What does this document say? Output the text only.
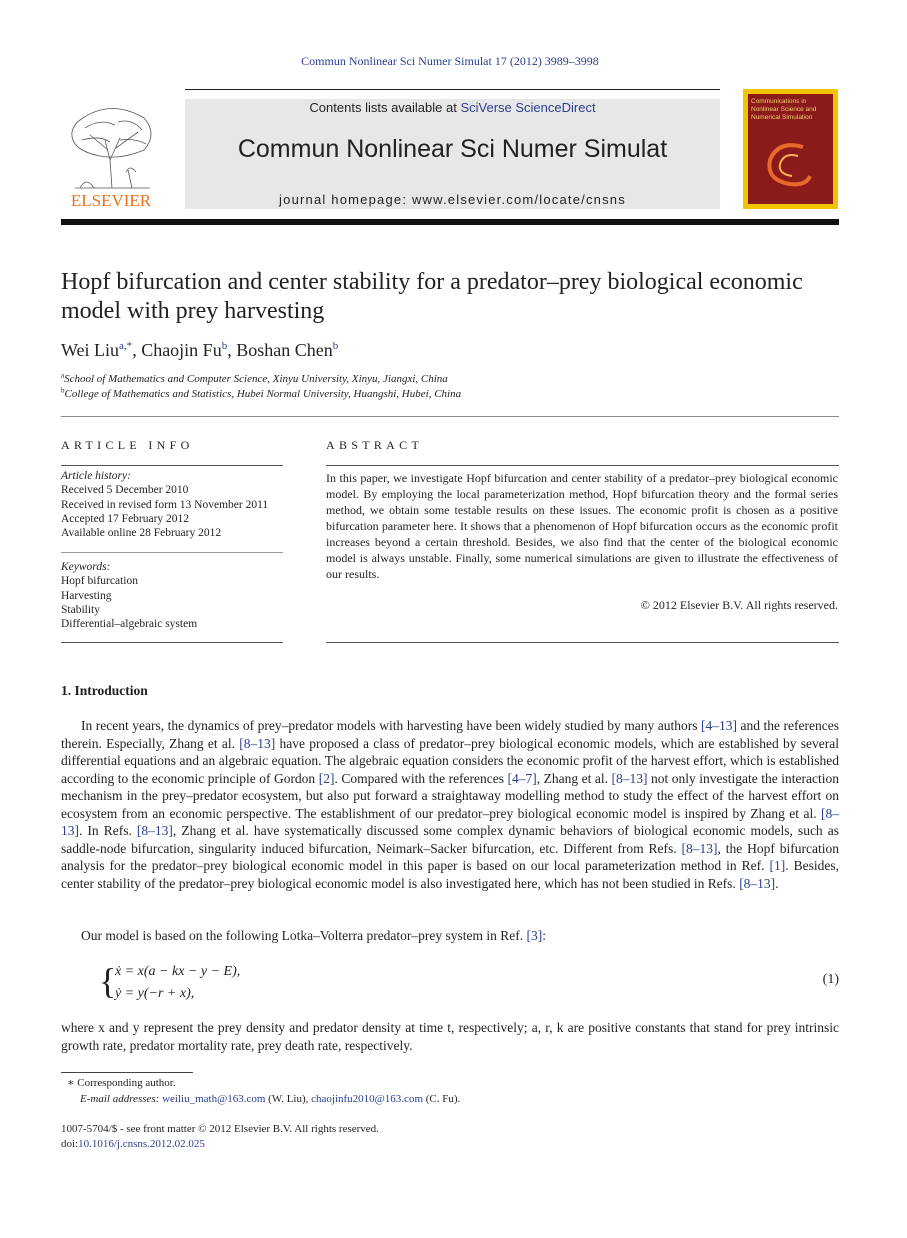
Commun Nonlinear Sci Numer Simulat 17 (2012) 3989–3998
ELSEVIER
Contents lists available at SciVerse ScienceDirect
Commun Nonlinear Sci Numer Simulat
journal homepage: www.elsevier.com/locate/cnsns
Communications in Nonlinear Science and Numerical Simulation
Hopf bifurcation and center stability for a predator–prey biological economic model with prey harvesting
Wei Liu$^{a,*}$, Chaojin Fu$^b$, Boshan Chen$^b$
$^a$School of Mathematics and Computer Science, Xinyu University, Xinyu, Jiangxi, China
$^b$College of Mathematics and Statistics, Hubei Normal University, Huangshi, Hubei, China
ARTICLE INFO
Article history:
Received 5 December 2010
Received in revised form 13 November 2011
Accepted 17 February 2012
Available online 28 February 2012
Keywords:
Hopf bifurcation
Harvesting
Stability
Differential–algebraic system
ABSTRACT
In this paper, we investigate Hopf bifurcation and center stability of a predator–prey biological economic model. By employing the local parameterization method, Hopf bifurcation theory and the formal series method, we obtain some testable results on these issues. The economic profit is chosen as a positive bifurcation parameter here. It shows that a phenomenon of Hopf bifurcation occurs as the economic profit increases beyond a certain threshold. Besides, we also find that the center of the biological economic model is always unstable. Finally, some numerical simulations are given to illustrate the effectiveness of our results.
© 2012 Elsevier B.V. All rights reserved.
1. Introduction

In recent years, the dynamics of prey–predator models with harvesting have been widely studied by many authors [4–13] and the references therein. Especially, Zhang et al. [8–13] have proposed a class of predator–prey biological economic models, which are established by several differential equations and an algebraic equation. The algebraic equation considers the economic profit of the harvest effort, which is established according to the economic principle of Gordon [2]. Compared with the references [4–7], Zhang et al. [8–13] not only investigate the interaction mechanism in the prey–predator ecosystem, but also put forward a straightaway modelling method to study the effect of the harvest effort on ecosystem from an economic perspective. The establishment of our predator–prey biological economic model is inspired by Zhang et al. [8–13]. In Refs. [8–13], Zhang et al. have systematically discussed some complex dynamic behaviors of biological economic models, such as saddle-node bifurcation, singularity induced bifurcation, Neimark–Sacker bifurcation, etc. Different from Refs. [8–13], the Hopf bifurcation analysis for the predator–prey biological economic model in this paper is based on our local parameterization method in Ref. [1]. Besides, center stability of the predator–prey biological economic model is also investigated here, which has not been studied in Refs. [8–13].

Our model is based on the following Lotka–Volterra predator–prey system in Ref. [3]:

{
ẋ = x(a − kx − y − E),
ẏ = y(−r + x),
(1)

where x and y represent the prey density and predator density at time t, respectively; a, r, k are positive constants that stand for prey intrinsic growth rate, predator mortality rate, prey death rate, respectively.

∗ Corresponding author.
E-mail addresses: weiliu_math@163.com (W. Liu), chaojinfu2010@163.com (C. Fu).
1007-5704/$ - see front matter © 2012 Elsevier B.V. All rights reserved.
doi:10.1016/j.cnsns.2012.02.025
